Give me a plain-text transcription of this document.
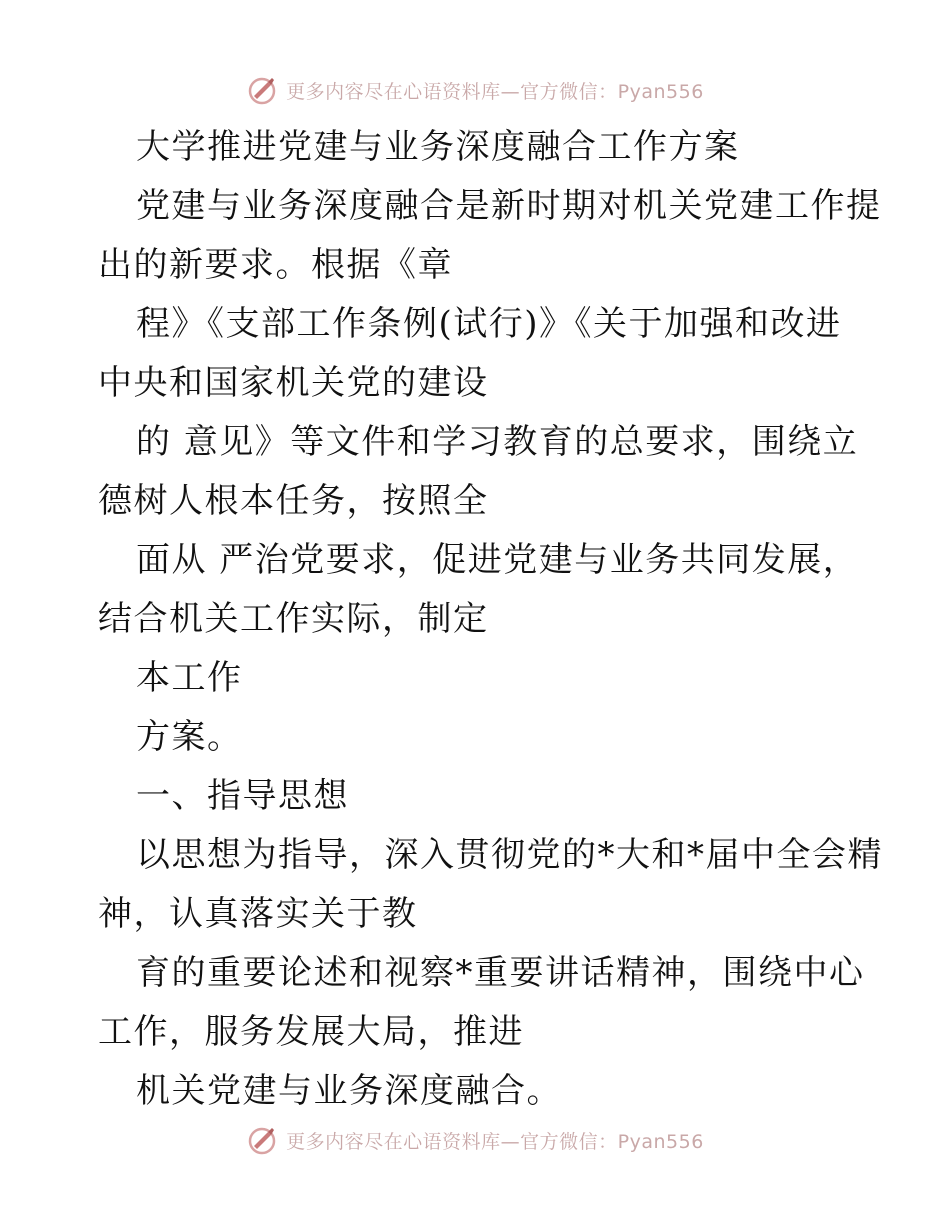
更多内容尽在心语资料库—官方微信：Pyan556
大学推进党建与业务深度融合工作方案
党建与业务深度融合是新时期对机关党建工作提
出的新要求。根据《章
程》《支部工作条例(试行)》《关于加强和改进
中央和国家机关党的建设
的 意见》等文件和学习教育的总要求，围绕立
德树人根本任务，按照全
面从 严治党要求，促进党建与业务共同发展，
结合机关工作实际，制定
本工作
方案。
一、指导思想
以思想为指导，深入贯彻党的*大和*届中全会精
神，认真落实关于教
育的重要论述和视察*重要讲话精神，围绕中心
工作，服务发展大局，推进
机关党建与业务深度融合。
更多内容尽在心语资料库—官方微信：Pyan556
